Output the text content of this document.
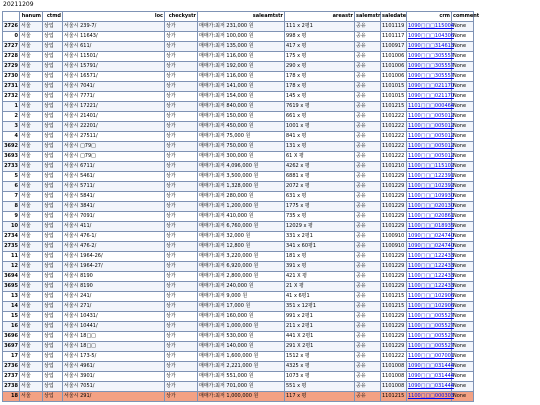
20211209
	hanum	ctmd	loc	checkystr	saleamtstr	areastr	salemstr	saledate	crm	comment
2726	서울	상업	서울시 239-7/	상가	매매가:최저 231,000 원	111 x 2평1	공유	1101119	1090□□□115004	None
0	서울	상업	서울시 11643/	상가	매매가:최저 100,000 원	998 x 평	공유	1101117	1090□□□104306	None
2727	서울	상업	서울시 611/	상가	매매가:최저 135,000 원	417 x 평	공유	1100917	1090□□□314613	None
2728	서울	상업	서울시 11501/	상가	매매가:최저 116,000 원	175 x 평	공유	1101006	1090□□□305557	None
2729	서울	상업	서울시 15791/	상가	매매가:최저 192,000 원	290 x 평	공유	1101006	1090□□□305557	None
2730	서울	상업	서울시 16571/	상가	매매가:최저 116,000 원	178 x 평	공유	1101006	1090□□□305557	None
2731	서울	상업	서울시 7041/	상가	매매가:최저 141,000 원	178 x 평	공유	1101015	1090□□□021170	None
2732	서울	상업	서울시 7771/	상가	매매가:최저 154,000 원	145 x 평	공유	1101015	1090□□□021170	None
1	서울	상업	서울시 17221/	상가	매매가:최저 840,000 원	7619 x 평	공유	1101215	1101□□□000464	None
2	서울	상업	서울시 21401/	상가	매매가:최저 150,000 원	661 x 평	공유	1101222	1100□□□005012	None
3	서울	상업	서울시 22201/	상가	매매가:최저 450,000 원	1001 x 평	공유	1101222	1100□□□005012	None
4	서울	상업	서울시 27511/	상가	매매가:최저 75,000 원	841 x 평	공유	1101222	1100□□□005012	None
3692	서울	상업	서울시 □79□	상가	매매가:최저 750,000 원	131 x 평	공유	1101222	1100□□□005012	None
3693	서울	상업	서울시 □79□	상가	매매가:최저 300,000 원	61 X 평	공유	1101222	1100□□□005012	None
2733	서울	상업	서울시 6711/	상가	매매가:최저 4,096,000 원	4262 x 평	공유	1101210	1100□□□115102	None
5	서울	상업	서울시 5461/	상가	매매가:최저 3,500,000 원	6881 x 평	공유	1101229	1100□□□122391	None
6	서울	상업	서울시 5711/	상가	매매가:최저 1,328,000 원	2072 x 평	공유	1101229	1100□□□102392	None
7	서울	상업	서울시 5841/	상가	매매가:최저 280,000 원	631 x 평	공유	1101229	1100□□□109930	None
8	서울	상업	서울시 3841/	상가	매매가:최저 1,200,000 원	1775 x 평	공유	1101229	1100□□□020130	None
9	서울	상업	서울시 7091/	상가	매매가:최저 410,000 원	735 x 평	공유	1101229	1100□□□020861	None
10	서울	상업	서울시 411/	상가	매매가:최저 6,760,000 원	12029 x 평	공유	1101229	1100□□□018935	None
2734	서울	상업	서울시 476-1/	상가	매매가:최저 32,000 원	331 x 2평1	공유	1100910	1090□□□024740	None
2735	서울	상업	서울시 476-2/	상가	매매가:최저 12,800 원	341 x 60평1	공유	1100910	1090□□□024740	None
11	서울	상업	서울시 1964-26/	상가	매매가:최저 3,220,000 원	181 x 평	공유	1101229	1100□□□122433	None
12	서울	상업	서울시 1964-27/	상가	매매가:최저 6,920,000 원	391 x 평	공유	1101229	1100□□□122433	None
3694	서울	상업	서울시 8190	상가	매매가:최저 2,800,000 원	421 X 평	공유	1101229	1100□□□122433	None
3695	서울	상업	서울시 8190	상가	매매가:최저 240,000 원	21 X 평	공유	1101229	1100□□□122433	None
13	서울	상업	서울시 241/	상가	매매가:최저 9,000 원	41 x 6평1	공유	1101215	1100□□□102906	None
14	서울	상업	서울시 271/	상가	매매가:최저 17,000 원	351 x 12평1	공유	1101215	1100□□□102906	None
15	서울	상업	서울시 10431/	상가	매매가:최저 160,000 원	991 x 2평1	공유	1101229	1100□□□005527	None
16	서울	상업	서울시 10441/	상가	매매가:최저 1,000,000 원	211 x 2평1	공유	1101229	1100□□□005527	None
3696	서울	상업	서울시 18□□	상가	매매가:최저 530,000 원	441 X 2평1	공유	1101229	1100□□□005527	None
3697	서울	상업	서울시 18□□	상가	매매가:최저 140,000 원	291 X 2평1	공유	1101229	1100□□□005527	None
17	서울	상업	서울시 173-5/	상가	매매가:최저 1,600,000 원	1512 x 평	공유	1101222	1100□□□007001	None
2736	서울	상업	서울시 4961/	상가	매매가:최저 2,221,000 원	4325 x 평	공유	1101008	1090□□□031444	None
2737	서울	상업	서울시 3901/	상가	매매가:최저 551,000 원	1073 x 평	공유	1101008	1090□□□031444	None
2738	서울	상업	서울시 7051/	상가	매매가:최저 701,000 원	551 x 평	공유	1101008	1090□□□031444	None
18	서울	상업	서울시 291/	상가	매매가:최저 1,000,000 원	117 x 평	공유	1101215	1100□□□000303	None
